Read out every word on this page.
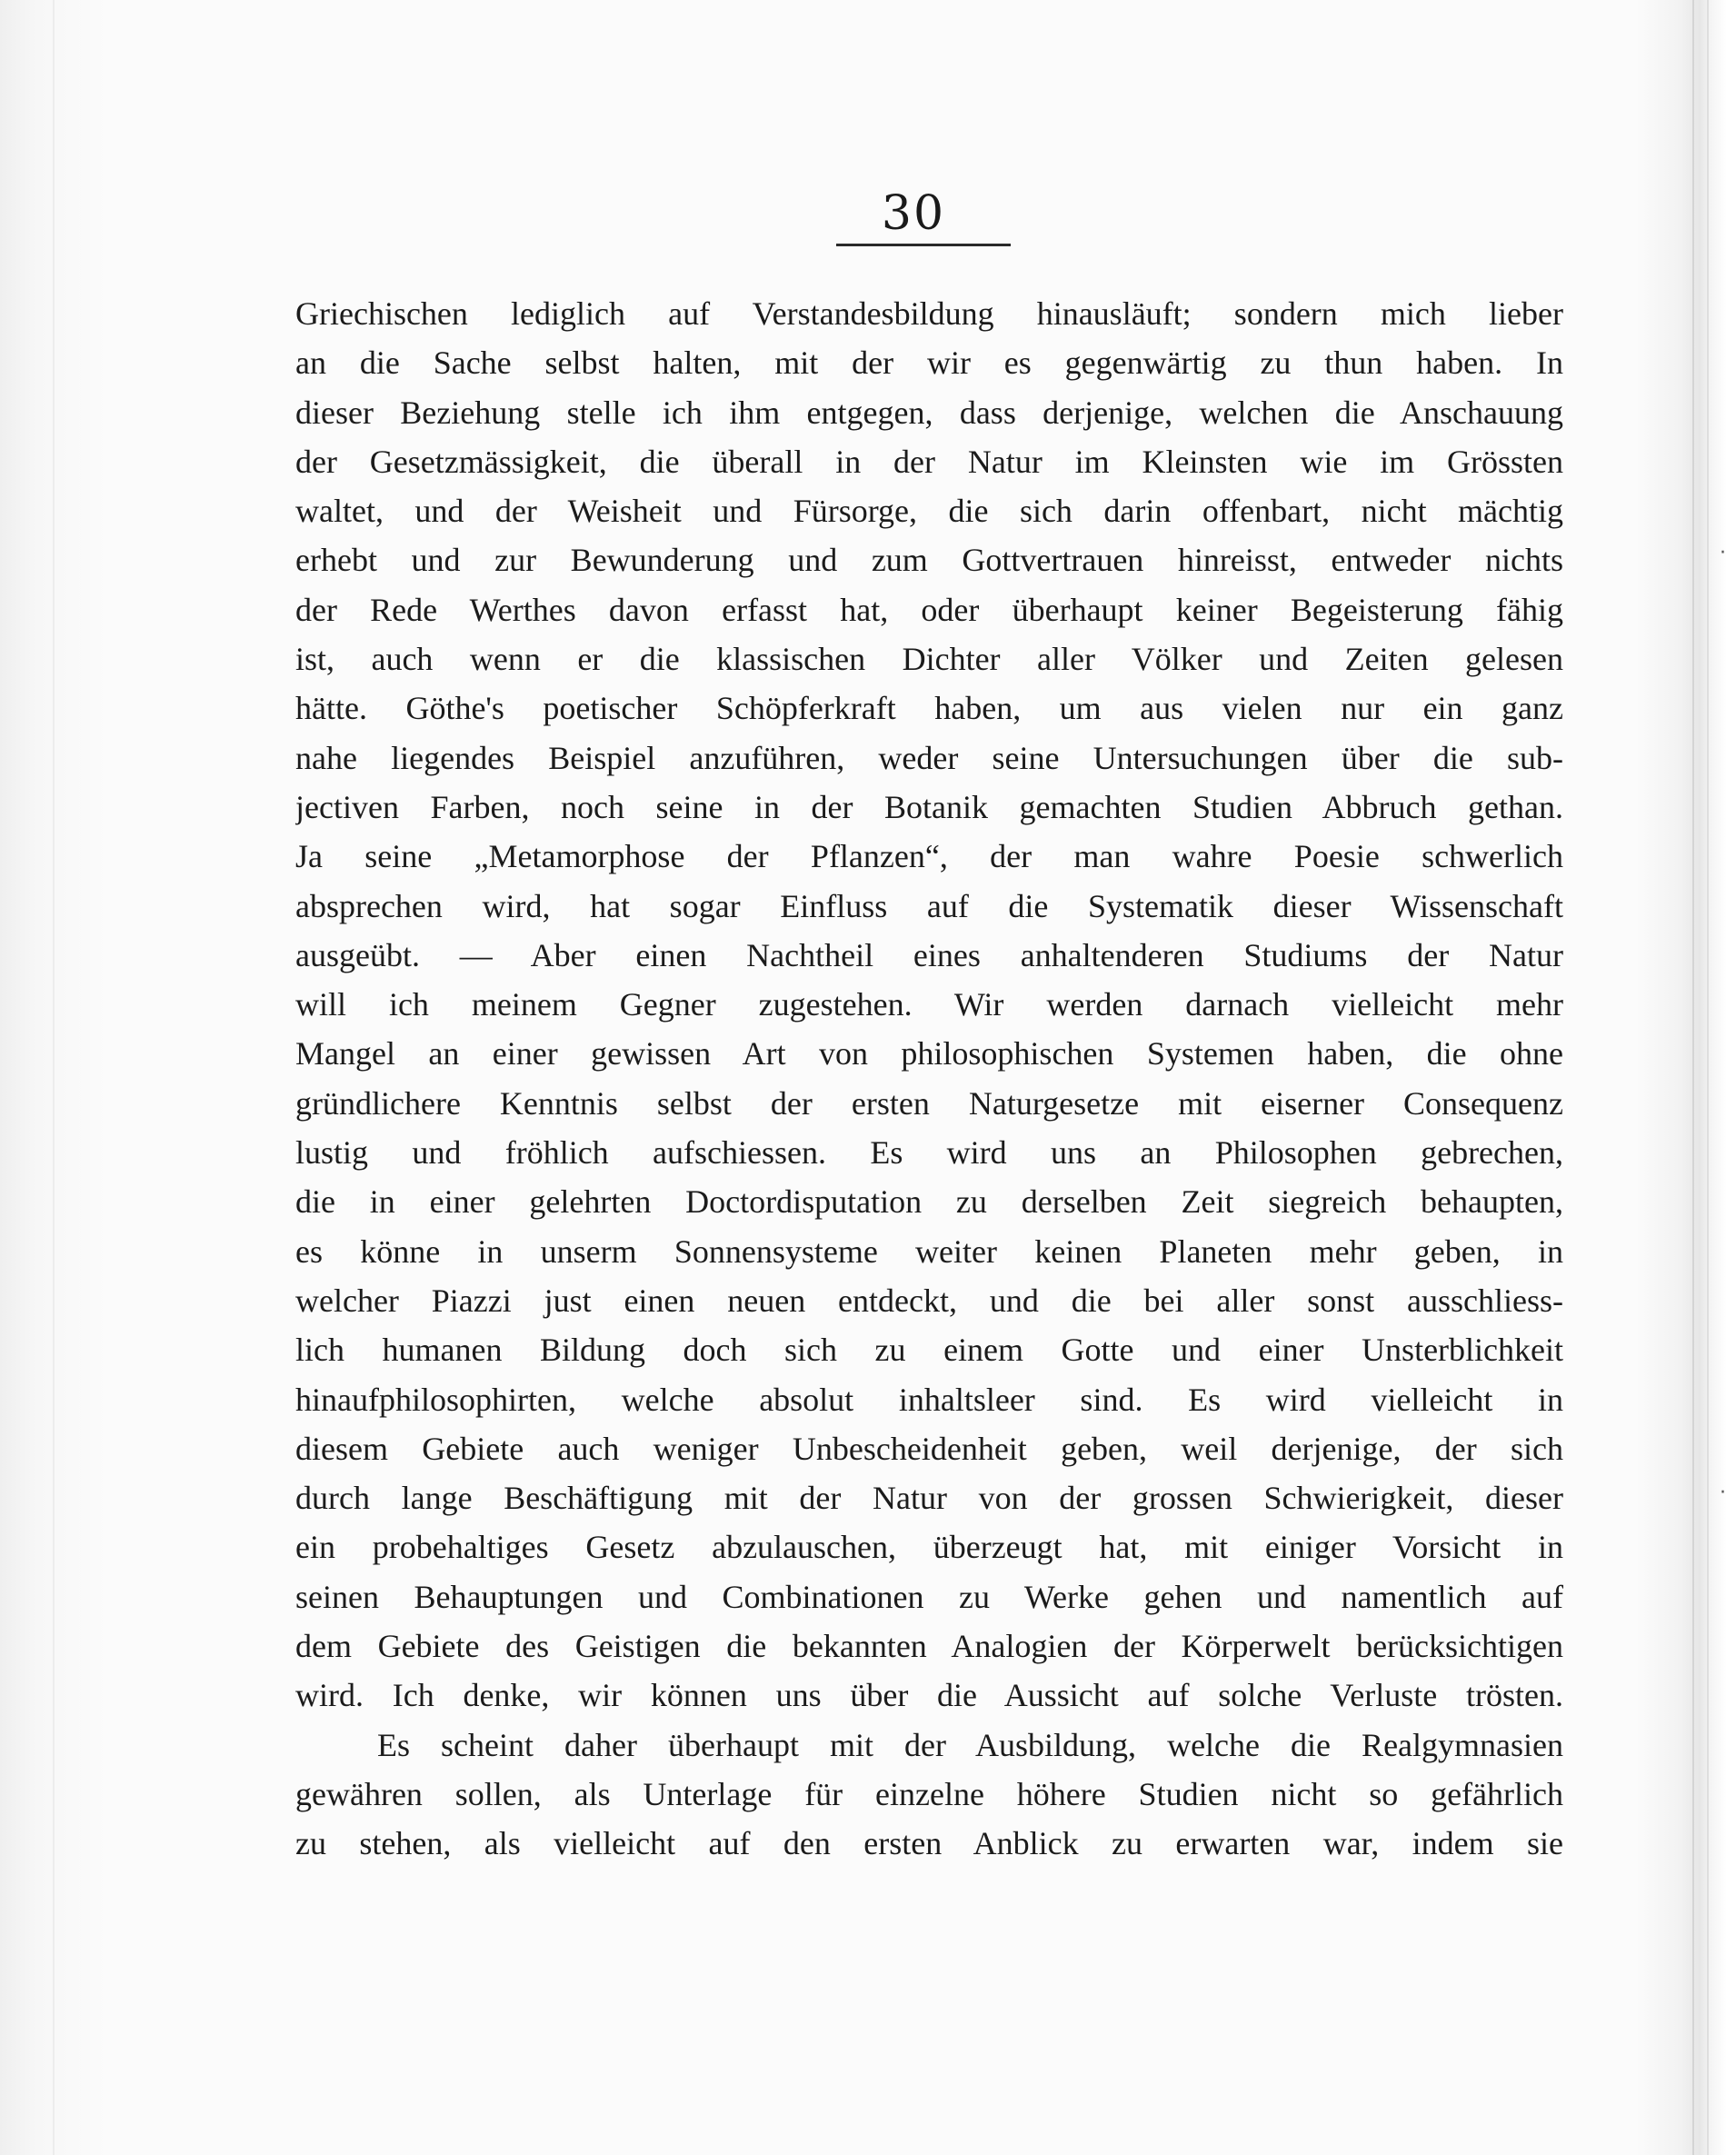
30
Griechischen lediglich auf Verstandesbildung hinausläuft; sondern mich lieber
an die Sache selbst halten, mit der wir es gegenwärtig zu thun haben. In
dieser Beziehung stelle ich ihm entgegen, dass derjenige, welchen die Anschauung
der Gesetzmässigkeit, die überall in der Natur im Kleinsten wie im Grössten
waltet, und der Weisheit und Fürsorge, die sich darin offenbart, nicht mächtig
erhebt und zur Bewunderung und zum Gottvertrauen hinreisst, entweder nichts
der Rede Werthes davon erfasst hat, oder überhaupt keiner Begeisterung fähig
ist, auch wenn er die klassischen Dichter aller Völker und Zeiten gelesen
hätte. Göthe's poetischer Schöpferkraft haben, um aus vielen nur ein ganz
nahe liegendes Beispiel anzuführen, weder seine Untersuchungen über die sub-
jectiven Farben, noch seine in der Botanik gemachten Studien Abbruch gethan.
Ja seine „Metamorphose der Pflanzen“, der man wahre Poesie schwerlich
absprechen wird, hat sogar Einfluss auf die Systematik dieser Wissenschaft
ausgeübt. — Aber einen Nachtheil eines anhaltenderen Studiums der Natur
will ich meinem Gegner zugestehen. Wir werden darnach vielleicht mehr
Mangel an einer gewissen Art von philosophischen Systemen haben, die ohne
gründlichere Kenntnis selbst der ersten Naturgesetze mit eiserner Consequenz
lustig und fröhlich aufschiessen. Es wird uns an Philosophen gebrechen,
die in einer gelehrten Doctordisputation zu derselben Zeit siegreich behaupten,
es könne in unserm Sonnensysteme weiter keinen Planeten mehr geben, in
welcher Piazzi just einen neuen entdeckt, und die bei aller sonst ausschliess-
lich humanen Bildung doch sich zu einem Gotte und einer Unsterblichkeit
hinaufphilosophirten, welche absolut inhaltsleer sind. Es wird vielleicht in
diesem Gebiete auch weniger Unbescheidenheit geben, weil derjenige, der sich
durch lange Beschäftigung mit der Natur von der grossen Schwierigkeit, dieser
ein probehaltiges Gesetz abzulauschen, überzeugt hat, mit einiger Vorsicht in
seinen Behauptungen und Combinationen zu Werke gehen und namentlich auf
dem Gebiete des Geistigen die bekannten Analogien der Körperwelt berücksichtigen
wird. Ich denke, wir können uns über die Aussicht auf solche Verluste trösten.
Es scheint daher überhaupt mit der Ausbildung, welche die Realgymnasien
gewähren sollen, als Unterlage für einzelne höhere Studien nicht so gefährlich
zu stehen, als vielleicht auf den ersten Anblick zu erwarten war, indem sie
·
·
